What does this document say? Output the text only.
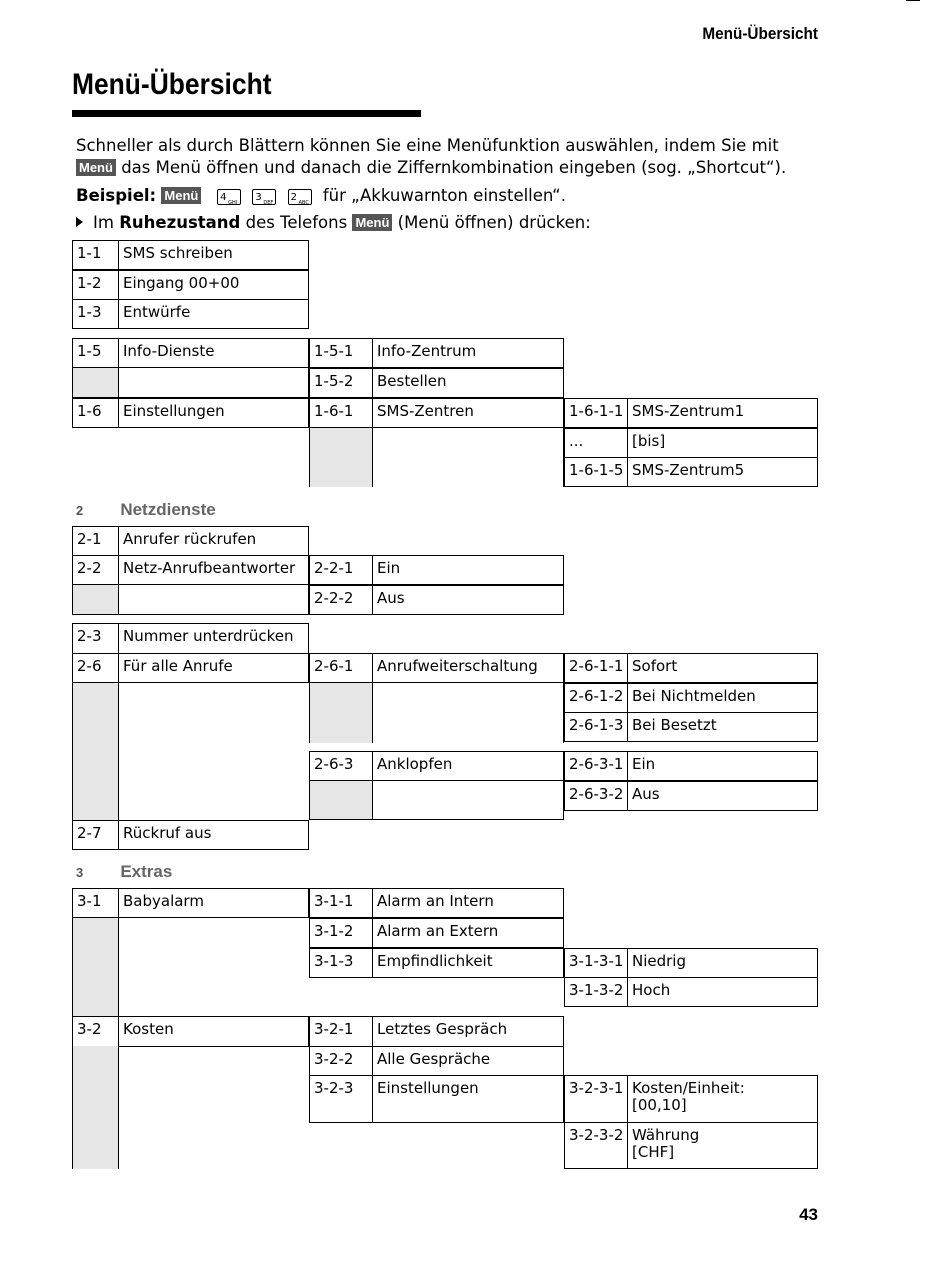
Menü-Übersicht
Menü-Übersicht
Schneller als durch Blättern können Sie eine Menüfunktion auswählen, indem Sie mit
Menü das Menü öffnen und danach die Ziffernkombination eingeben (sog. „Shortcut“).
Beispiel: Menü 4 GHI 3 DEF 2 ABC für „Akkuwarnton einstellen“.
Im Ruhezustand des Telefons Menü (Menü öffnen) drücken:
2 Netzdienste
3 Extras
1-1	SMS schreiben
1-2	Eingang 00+00
1-3	Entwürfe
1-5	Info-Dienste	1-5-1	Info-Zentrum
1-5-2	Bestellen
1-6	Einstellungen	1-6-1	SMS-Zentren	1-6-1-1 SMS-Zentrum1
...	[bis]
1-6-1-5 SMS-Zentrum5
2-1	Anrufer rückrufen
2-2	Netz-Anrufbeantworter	2-2-1	Ein
2-2-2	Aus
2-3	Nummer unterdrücken
2-6	Für alle Anrufe	2-6-1	Anrufweiterschaltung	2-6-1-1 Sofort
2-6-1-2 Bei Nichtmelden
2-6-1-3 Bei Besetzt
2-6-3	Anklopfen	2-6-3-1 Ein
2-6-3-2 Aus
2-7	Rückruf aus
3-1	Babyalarm	3-1-1	Alarm an Intern
3-1-2	Alarm an Extern
3-1-3	Empfindlichkeit	3-1-3-1 Niedrig
3-1-3-2 Hoch
3-2	Kosten	3-2-1	Letztes Gespräch
3-2-2	Alle Gespräche
3-2-3	Einstellungen	3-2-3-1 Kosten/Einheit:
[00,10]
3-2-3-2 Währung
[CHF]
43
